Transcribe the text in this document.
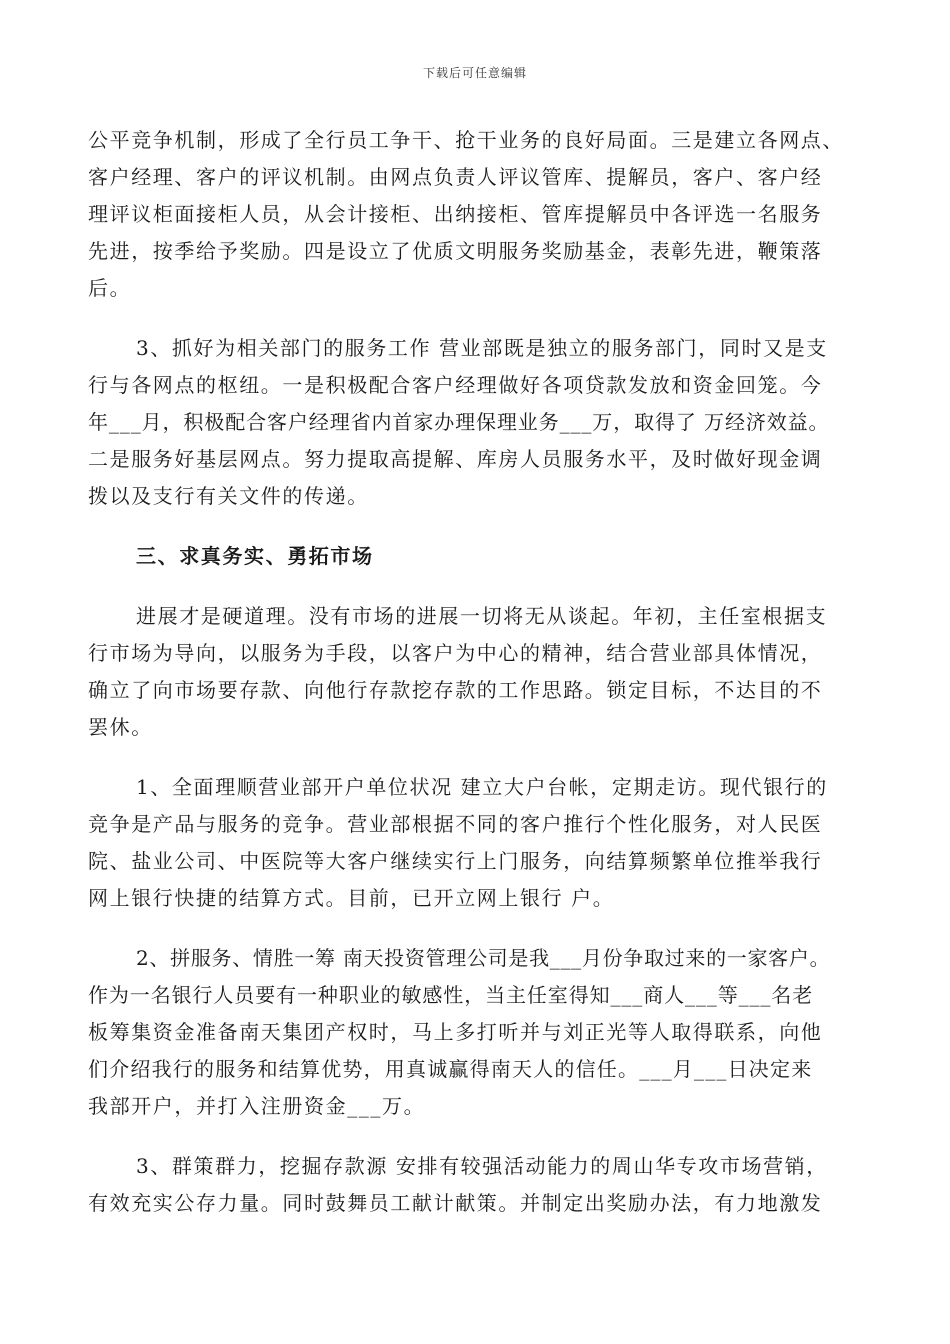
下载后可任意编辑
公平竞争机制，形成了全行员工争干、抢干业务的良好局面。三是建立各网点、
客户经理、客户的评议机制。由网点负责人评议管库、提解员，客户、客户经
理评议柜面接柜人员，从会计接柜、出纳接柜、管库提解员中各评选一名服务
先进，按季给予奖励。四是设立了优质文明服务奖励基金，表彰先进，鞭策落
后。
3、抓好为相关部门的服务工作 营业部既是独立的服务部门，同时又是支
行与各网点的枢纽。一是积极配合客户经理做好各项贷款发放和资金回笼。今
年___月，积极配合客户经理省内首家办理保理业务___万，取得了 万经济效益。
二是服务好基层网点。努力提取高提解、库房人员服务水平，及时做好现金调
拨以及支行有关文件的传递。
三、求真务实、勇拓市场
进展才是硬道理。没有市场的进展一切将无从谈起。年初，主任室根据支
行市场为导向，以服务为手段，以客户为中心的精神，结合营业部具体情况，
确立了向市场要存款、向他行存款挖存款的工作思路。锁定目标，不达目的不
罢休。
1、全面理顺营业部开户单位状况 建立大户台帐，定期走访。现代银行的
竞争是产品与服务的竞争。营业部根据不同的客户推行个性化服务，对人民医
院、盐业公司、中医院等大客户继续实行上门服务，向结算频繁单位推举我行
网上银行快捷的结算方式。目前，已开立网上银行 户。
2、拼服务、情胜一筹 南天投资管理公司是我___月份争取过来的一家客户。
作为一名银行人员要有一种职业的敏感性，当主任室得知___商人___等___名老
板筹集资金准备南天集团产权时，马上多打听并与刘正光等人取得联系，向他
们介绍我行的服务和结算优势，用真诚赢得南天人的信任。___月___日决定来
我部开户，并打入注册资金___万。
3、群策群力，挖掘存款源 安排有较强活动能力的周山华专攻市场营销，
有效充实公存力量。同时鼓舞员工献计献策。并制定出奖励办法，有力地激发
